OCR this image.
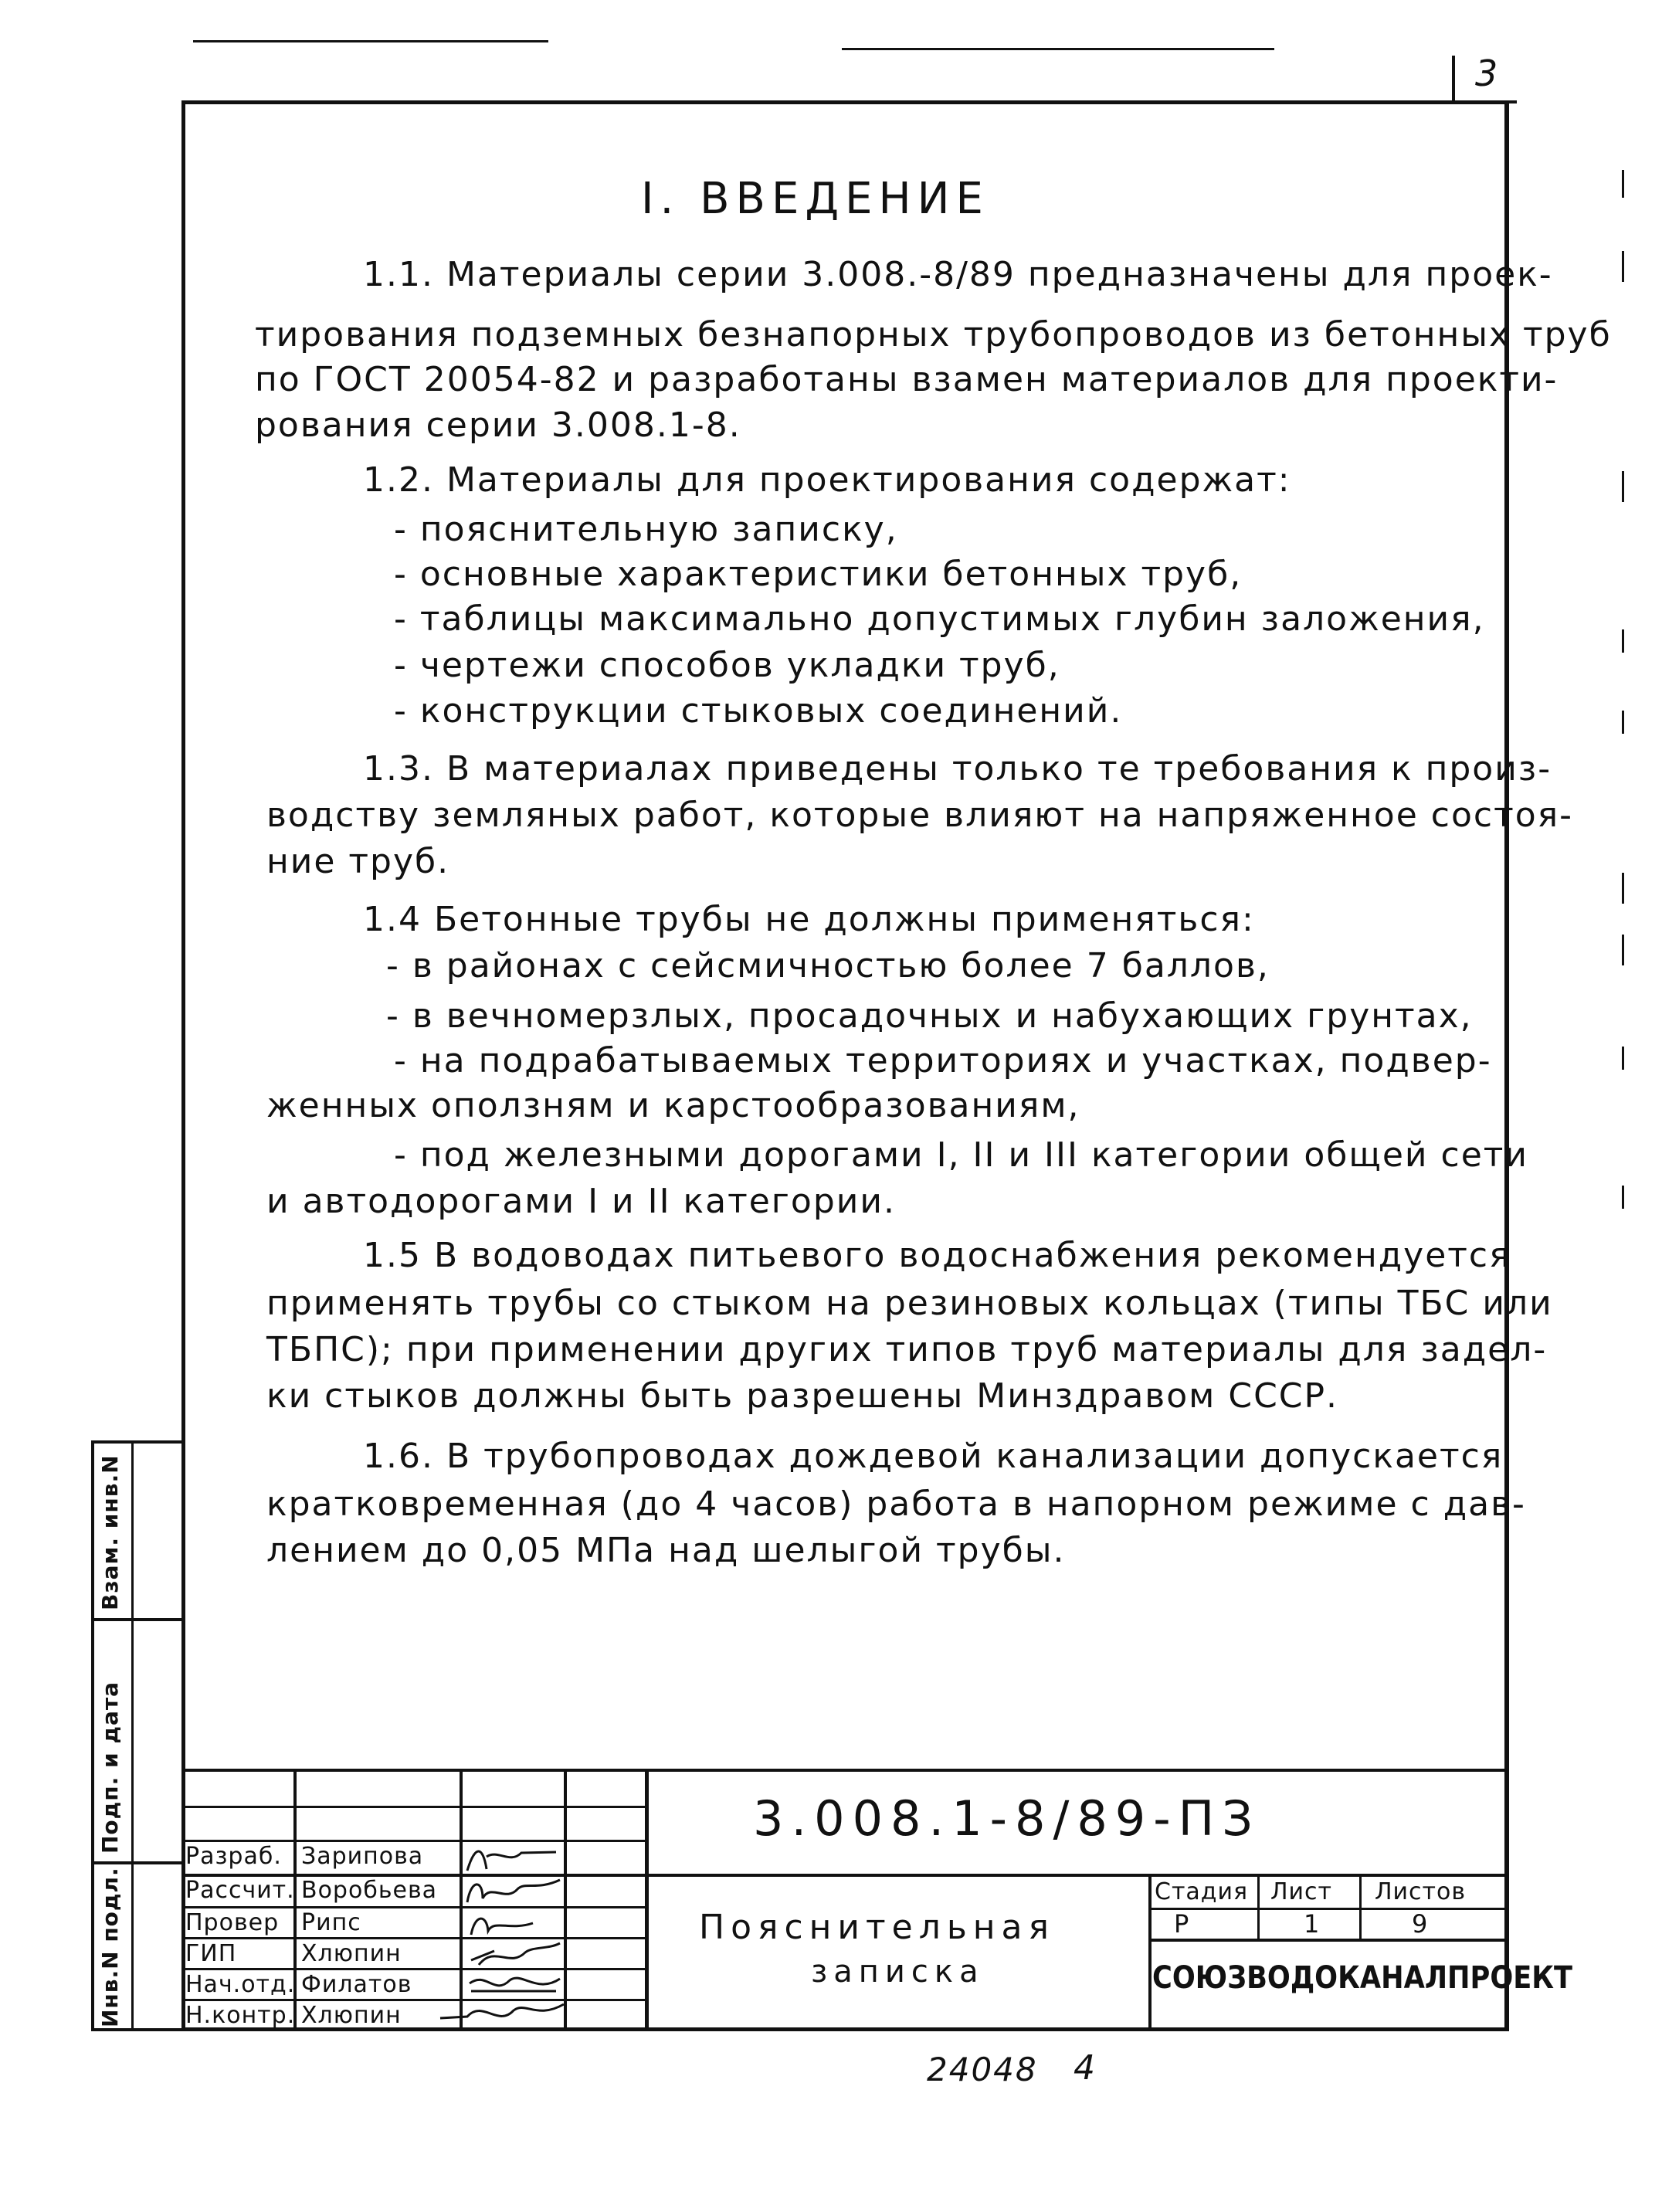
3
I. ВВЕДЕНИЕ
1.1. Материалы серии 3.008.-8/89 предназначены для проек-
тирования подземных безнапорных трубопроводов из бетонных труб
по ГОСТ 20054-82 и разработаны взамен материалов для проекти-
рования серии 3.008.1-8.
1.2. Материалы для проектирования содержат:
- пояснительную записку,
- основные характеристики бетонных труб,
- таблицы максимально допустимых глубин заложения,
- чертежи способов укладки труб,
- конструкции стыковых соединений.
1.3. В материалах приведены только те требования к произ-
водству земляных работ, которые влияют на напряженное состоя-
ние труб.
1.4 Бетонные трубы не должны применяться:
- в районах с сейсмичностью более 7 баллов,
- в вечномерзлых, просадочных и набухающих грунтах,
- на подрабатываемых территориях и участках, подвер-
женных оползням и карстообразованиям,
- под железными дорогами I, II и III категории общей сети
и автодорогами I и II категории.
1.5 В водоводах питьевого водоснабжения рекомендуется
применять трубы со стыком на резиновых кольцах (типы ТБС или
ТБПС); при применении других типов труб материалы для задел-
ки стыков должны быть разрешены Минздравом СССР.
1.6. В трубопроводах дождевой канализации допускается
кратковременная (до 4 часов) работа в напорном режиме с дав-
лением до 0,05 МПа над шелыгой трубы.
Инв.N подл.
Подп. и дата
Взам. инв.N
Разраб. Зарипова
Рассчит. Воробьева
Провер Рипс
ГИП	Хлюпин
Нач.отд. Филатов
Н.контр. Хлюпин
3.008.1-8/89-ПЗ
Пояснительная
записка
Стадия Лист Листов
Р	1	9
СОЮЗВОДОКАНАЛПРОЕКТ
24048 4
